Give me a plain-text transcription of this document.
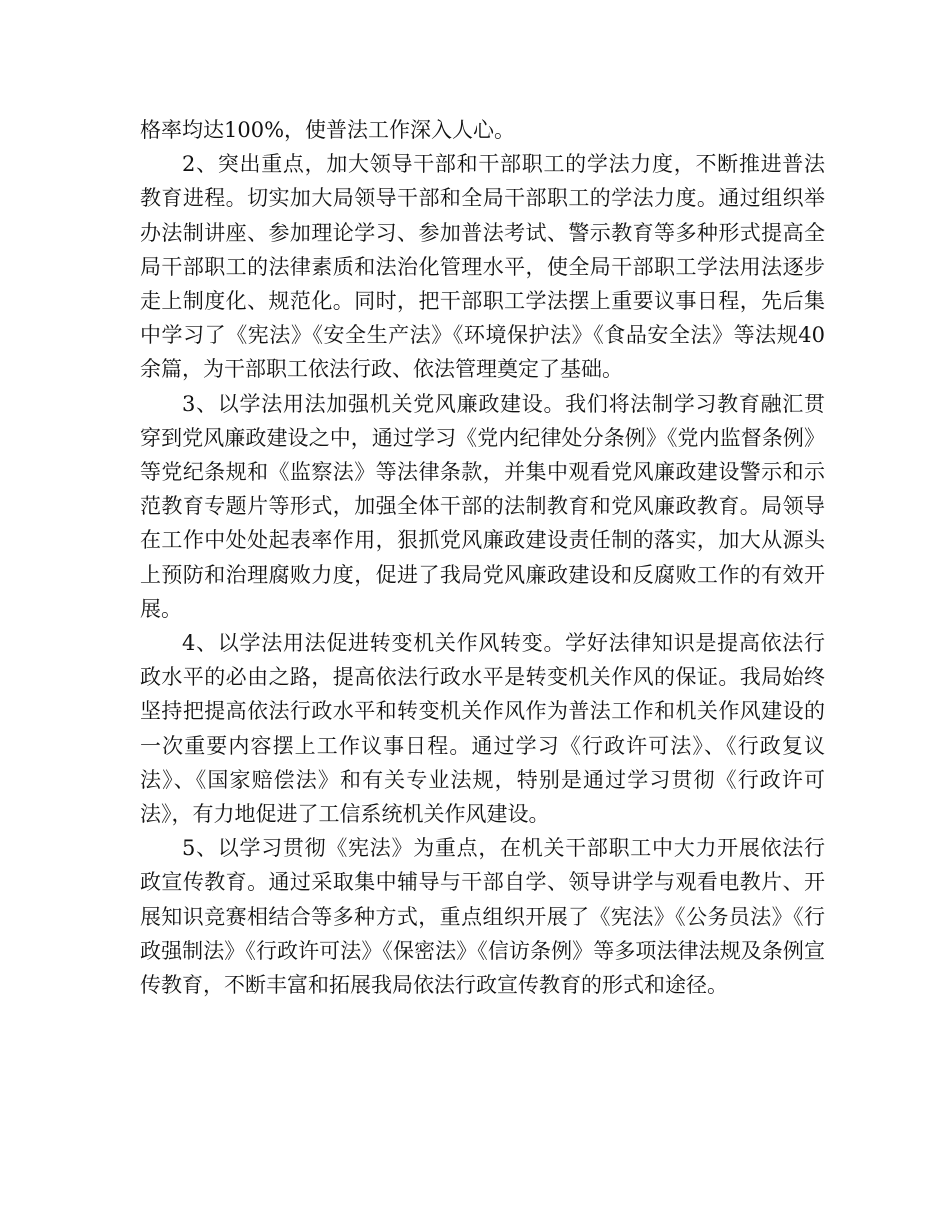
格率均达100%，使普法工作深入人心。

2、突出重点，加大领导干部和干部职工的学法力度，不断推进普法教育进程。切实加大局领导干部和全局干部职工的学法力度。通过组织举办法制讲座、参加理论学习、参加普法考试、警示教育等多种形式提高全局干部职工的法律素质和法治化管理水平，使全局干部职工学法用法逐步走上制度化、规范化。同时，把干部职工学法摆上重要议事日程，先后集中学习了《宪法》《安全生产法》《环境保护法》《食品安全法》等法规40余篇，为干部职工依法行政、依法管理奠定了基础。

3、以学法用法加强机关党风廉政建设。我们将法制学习教育融汇贯穿到党风廉政建设之中，通过学习《党内纪律处分条例》《党内监督条例》等党纪条规和《监察法》等法律条款，并集中观看党风廉政建设警示和示范教育专题片等形式，加强全体干部的法制教育和党风廉政教育。局领导在工作中处处起表率作用，狠抓党风廉政建设责任制的落实，加大从源头上预防和治理腐败力度，促进了我局党风廉政建设和反腐败工作的有效开展。

4、以学法用法促进转变机关作风转变。学好法律知识是提高依法行政水平的必由之路，提高依法行政水平是转变机关作风的保证。我局始终坚持把提高依法行政水平和转变机关作风作为普法工作和机关作风建设的一次重要内容摆上工作议事日程。通过学习《行政许可法》、《行政复议法》、《国家赔偿法》和有关专业法规，特别是通过学习贯彻《行政许可法》，有力地促进了工信系统机关作风建设。

5、以学习贯彻《宪法》为重点，在机关干部职工中大力开展依法行政宣传教育。通过采取集中辅导与干部自学、领导讲学与观看电教片、开展知识竞赛相结合等多种方式，重点组织开展了《宪法》《公务员法》《行政强制法》《行政许可法》《保密法》《信访条例》等多项法律法规及条例宣传教育，不断丰富和拓展我局依法行政宣传教育的形式和途径。
